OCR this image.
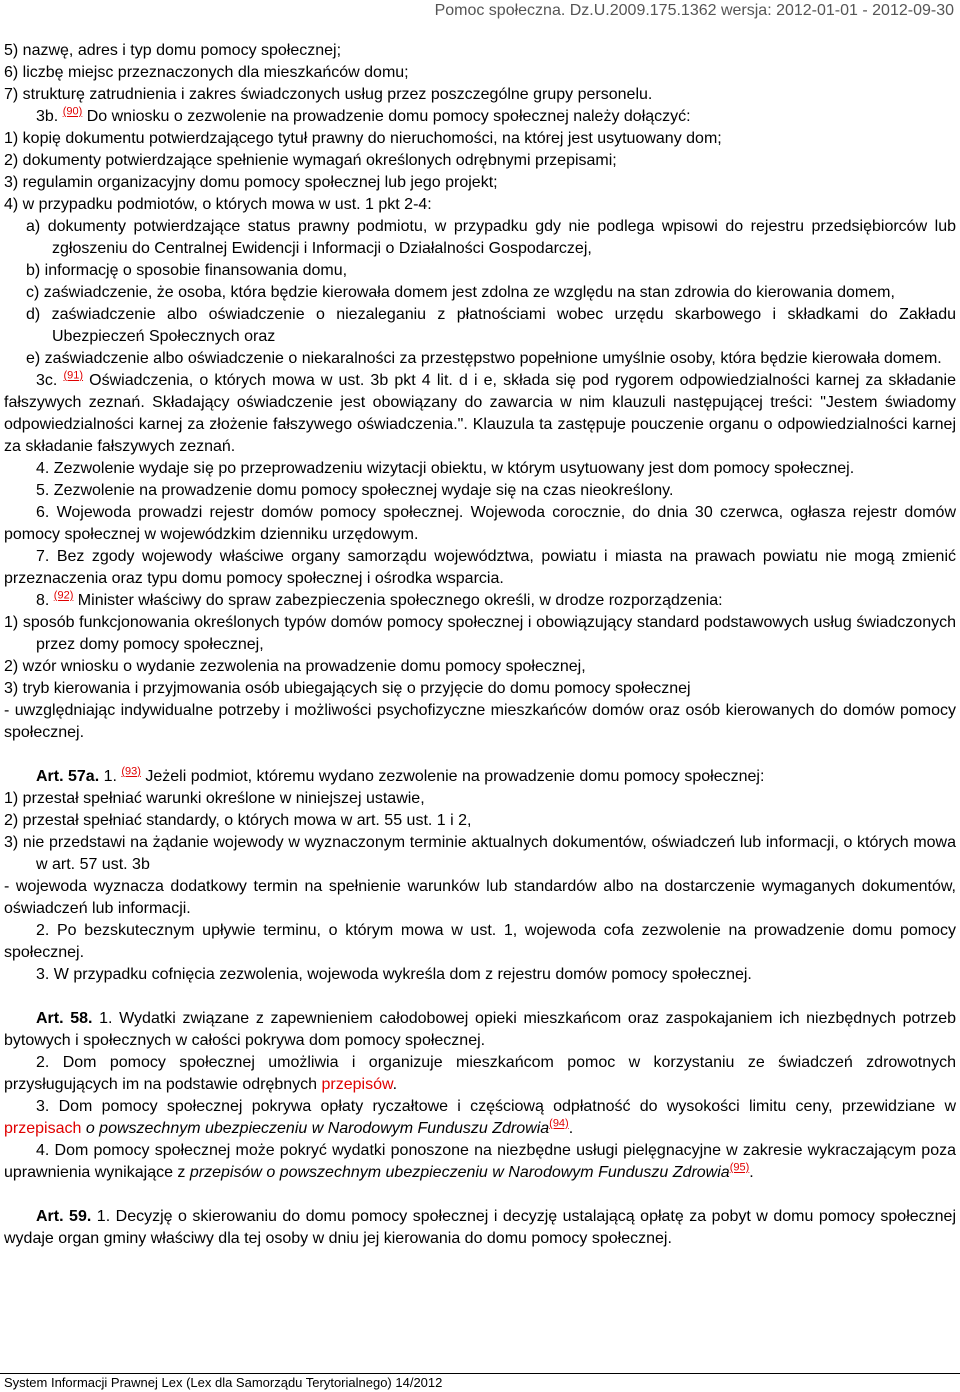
Pomoc społeczna. Dz.U.2009.175.1362 wersja: 2012-01-01 - 2012-09-30

5) nazwę, adres i typ domu pomocy społecznej;

6) liczbę miejsc przeznaczonych dla mieszkańców domu;

7) strukturę zatrudnienia i zakres świadczonych usług przez poszczególne grupy personelu.

3b. $^{(90)}$ Do wniosku o zezwolenie na prowadzenie domu pomocy społecznej należy dołączyć:

1) kopię dokumentu potwierdzającego tytuł prawny do nieruchomości, na której jest usytuowany dom;

2) dokumenty potwierdzające spełnienie wymagań określonych odrębnymi przepisami;

3) regulamin organizacyjny domu pomocy społecznej lub jego projekt;

4) w przypadku podmiotów, o których mowa w ust. 1 pkt 2-4:

a) dokumenty potwierdzające status prawny podmiotu, w przypadku gdy nie podlega wpisowi do rejestru przedsiębiorców lub zgłoszeniu do Centralnej Ewidencji i Informacji o Działalności Gospodarczej,

b) informację o sposobie finansowania domu,

c) zaświadczenie, że osoba, która będzie kierowała domem jest zdolna ze względu na stan zdrowia do kierowania domem,

d) zaświadczenie albo oświadczenie o niezaleganiu z płatnościami wobec urzędu skarbowego i składkami do Zakładu Ubezpieczeń Społecznych oraz

e) zaświadczenie albo oświadczenie o niekaralności za przestępstwo popełnione umyślnie osoby, która będzie kierowała domem.

3c. $^{(91)}$ Oświadczenia, o których mowa w ust. 3b pkt 4 lit. d i e, składa się pod rygorem odpowiedzialności karnej za składanie fałszywych zeznań. Składający oświadczenie jest obowiązany do zawarcia w nim klauzuli następującej treści: "Jestem świadomy odpowiedzialności karnej za złożenie fałszywego oświadczenia.". Klauzula ta zastępuje pouczenie organu o odpowiedzialności karnej za składanie fałszywych zeznań.

4. Zezwolenie wydaje się po przeprowadzeniu wizytacji obiektu, w którym usytuowany jest dom pomocy społecznej.

5. Zezwolenie na prowadzenie domu pomocy społecznej wydaje się na czas nieokreślony.

6. Wojewoda prowadzi rejestr domów pomocy społecznej. Wojewoda corocznie, do dnia 30 czerwca, ogłasza rejestr domów pomocy społecznej w wojewódzkim dzienniku urzędowym.

7. Bez zgody wojewody właściwe organy samorządu województwa, powiatu i miasta na prawach powiatu nie mogą zmienić przeznaczenia oraz typu domu pomocy społecznej i ośrodka wsparcia.

8. $^{(92)}$ Minister właściwy do spraw zabezpieczenia społecznego określi, w drodze rozporządzenia:

1) sposób funkcjonowania określonych typów domów pomocy społecznej i obowiązujący standard podstawowych usług świadczonych przez domy pomocy społecznej,

2) wzór wniosku o wydanie zezwolenia na prowadzenie domu pomocy społecznej,

3) tryb kierowania i przyjmowania osób ubiegających się o przyjęcie do domu pomocy społecznej

- uwzględniając indywidualne potrzeby i możliwości psychofizyczne mieszkańców domów oraz osób kierowanych do domów pomocy społecznej.

Art. 57a. 1. $^{(93)}$ Jeżeli podmiot, któremu wydano zezwolenie na prowadzenie domu pomocy społecznej:

1) przestał spełniać warunki określone w niniejszej ustawie,

2) przestał spełniać standardy, o których mowa w art. 55 ust. 1 i 2,

3) nie przedstawi na żądanie wojewody w wyznaczonym terminie aktualnych dokumentów, oświadczeń lub informacji, o których mowa w art. 57 ust. 3b

- wojewoda wyznacza dodatkowy termin na spełnienie warunków lub standardów albo na dostarczenie wymaganych dokumentów, oświadczeń lub informacji.

2. Po bezskutecznym upływie terminu, o którym mowa w ust. 1, wojewoda cofa zezwolenie na prowadzenie domu pomocy społecznej.

3. W przypadku cofnięcia zezwolenia, wojewoda wykreśla dom z rejestru domów pomocy społecznej.

Art. 58. 1. Wydatki związane z zapewnieniem całodobowej opieki mieszkańcom oraz zaspokajaniem ich niezbędnych potrzeb bytowych i społecznych w całości pokrywa dom pomocy społecznej.

2. Dom pomocy społecznej umożliwia i organizuje mieszkańcom pomoc w korzystaniu ze świadczeń zdrowotnych przysługujących im na podstawie odrębnych przepisów.

3. Dom pomocy społecznej pokrywa opłaty ryczałtowe i częściową odpłatność do wysokości limitu ceny, przewidziane w przepisach o powszechnym ubezpieczeniu w Narodowym Funduszu Zdrowia$^{(94)}$.

4. Dom pomocy społecznej może pokryć wydatki ponoszone na niezbędne usługi pielęgnacyjne w zakresie wykraczającym poza uprawnienia wynikające z przepisów o powszechnym ubezpieczeniu w Narodowym Funduszu Zdrowia$^{(95)}$.

Art. 59. 1. Decyzję o skierowaniu do domu pomocy społecznej i decyzję ustalającą opłatę za pobyt w domu pomocy społecznej wydaje organ gminy właściwy dla tej osoby w dniu jej kierowania do domu pomocy społecznej.

System Informacji Prawnej Lex (Lex dla Samorządu Terytorialnego) 14/2012
